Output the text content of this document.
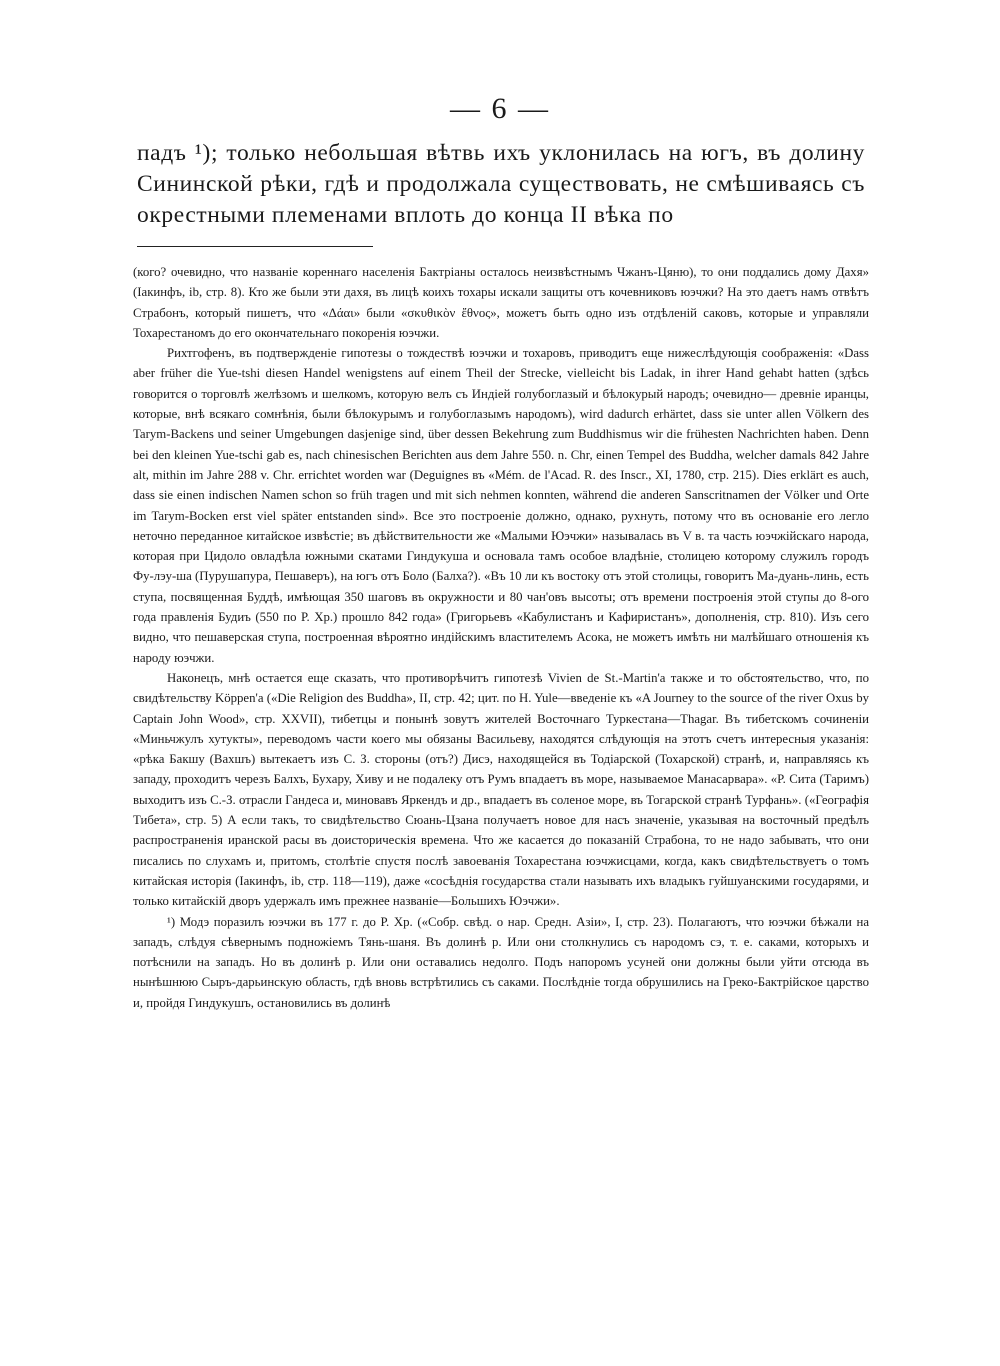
— 6 —

падъ ¹); только небольшая вѣтвь ихъ уклонилась на югъ, въ долину Сининской рѣки, гдѣ и продолжала существовать, не смѣшиваясь съ окрестными племенами вплоть до конца II вѣка по

(кого? очевидно, что названіе кореннаго населенія Бактріаны осталось неизвѣстнымъ Чжанъ-Цяню), то они поддались дому Дахя» (Іакинфъ, ib, стр. 8). Кто же были эти дахя, въ лицѣ коихъ тохары искали защиты отъ кочевниковъ юэчжи? На это даетъ намъ отвѣтъ Страбонъ, который пишетъ, что «Δάαι» были «σκυθικὸν ἔθνος», можетъ быть одно изъ отдѣленій саковъ, которые и управляли Тохарестаномъ до его окончательнаго покоренія юэчжи.

Рихтгофенъ, въ подтвержденіе гипотезы о тождествѣ юэчжи и тохаровъ, приводитъ еще нижеслѣдующія соображенія: «Dass aber früher die Yue-tshi diesen Handel wenigstens auf einem Theil der Strecke, vielleicht bis Ladak, in ihrer Hand gehabt hatten (здѣсь говорится о торговлѣ желѣзомъ и шелкомъ, которую велъ съ Индіей голубоглазый и бѣлокурый народъ; очевидно— древніе иранцы, которые, внѣ всякаго сомнѣнія, были бѣлокурымъ и голубоглазымъ народомъ), wird dadurch erhärtet, dass sie unter allen Völkern des Tarym-Backens und seiner Umgebungen dasjenige sind, über dessen Bekehrung zum Buddhismus wir die frühesten Nachrichten haben. Denn bei den kleinen Yue-tschi gab es, nach chinesischen Berichten aus dem Jahre 550. n. Chr, einen Tempel des Buddha, welcher damals 842 Jahre alt, mithin im Jahre 288 v. Chr. errichtet worden war (Deguignes въ «Mém. de l'Acad. R. des Inscr., XI, 1780, стр. 215). Dies erklärt es auch, dass sie einen indischen Namen schon so früh tragen und mit sich nehmen konnten, während die anderen Sanscritnamen der Völker und Orte im Tarym-Bocken erst viel später entstanden sind». Все это построеніе должно, однако, рухнуть, потому что въ основаніе его легло неточно переданное китайское извѣстіе; въ дѣйствительности же «Малыми Юэчжи» называлась въ V в. та часть юэчжійскаго народа, которая при Цидоло овладѣла южными скатами Гиндукуша и основала тамъ особое владѣніе, столицею которому служилъ городъ Фу-лэу-ша (Пурушапура, Пешаверъ), на югъ отъ Боло (Балха?). «Въ 10 ли къ востоку отъ этой столицы, говоритъ Ма-дуань-линь, есть ступа, посвященная Буддѣ, имѣющая 350 шаговъ въ окружности и 80 чан'овъ высоты; отъ времени построенія этой ступы до 8-ого года правленія Будиъ (550 по Р. Хр.) прошло 842 года» (Григорьевъ «Кабулистанъ и Кафиристанъ», дополненія, стр. 810). Изъ сего видно, что пешаверская ступа, построенная вѣроятно индійскимъ властителемъ Асока, не можетъ имѣть ни малѣйшаго отношенія къ народу юэчжи.

Наконецъ, мнѣ остается еще сказать, что противорѣчитъ гипотезѣ Vivien de St.-Martin'a также и то обстоятельство, что, по свидѣтельству Köppen'a («Die Religion des Buddha», II, стр. 42; цит. по H. Yule—введеніе къ «A Journey to the source of the river Oxus by Captain John Wood», стр. XXVII), тибетцы и понынѣ зовутъ жителей Восточнаго Туркестана—Thagar. Въ тибетскомъ сочиненіи «Миньчжулъ хутукты», переводомъ части коего мы обязаны Васильеву, находятся слѣдующія на этотъ счетъ интересныя указанія: «рѣка Бакшу (Вахшъ) вытекаетъ изъ С. З. стороны (отъ?) Дисэ, находящейся въ Тодіарской (Тохарской) странѣ, и, направляясь къ западу, проходитъ черезъ Балхъ, Бухару, Хиву и не подалеку отъ Румъ впадаетъ въ море, называемое Манасарвара». «Р. Сита (Таримъ) выходитъ изъ С.-З. отрасли Гандеса и, миновавъ Яркендъ и др., впадаетъ въ соленое море, въ Тогарской странѣ Турфань». («Географія Тибета», стр. 5) А если такъ, то свидѣтельство Сюань-Цзана получаетъ новое для насъ значеніе, указывая на восточный предѣлъ распространенія иранской расы въ доисторическія времена. Что же касается до показаній Страбона, то не надо забывать, что они писались по слухамъ и, притомъ, столѣтіе спустя послѣ завоеванія Тохарестана юэчжисцами, когда, какъ свидѣтельствуетъ о томъ китайская исторія (Іакинфъ, ib, стр. 118—119), даже «сосѣднія государства стали называть ихъ владыкъ гуйшуанскими государями, и только китайскій дворъ удержалъ имъ прежнее названіе—Большихъ Юэчжи».

¹) Модэ поразилъ юэчжи въ 177 г. до Р. Хр. («Собр. свѣд. о нар. Средн. Азіи», I, стр. 23). Полагаютъ, что юэчжи бѣжали на западъ, слѣдуя сѣвернымъ подножіемъ Тянь-шаня. Въ долинѣ р. Или они столкнулись съ народомъ сэ, т. е. саками, которыхъ и потѣснили на западъ. Но въ долинѣ р. Или они оставались недолго. Подъ напоромъ усуней они должны были уйти отсюда въ нынѣшнюю Сыръ-дарьинскую область, гдѣ вновь встрѣтились съ саками. Послѣдніе тогда обрушились на Греко-Бактрійское царство и, пройдя Гиндукушъ, остановились въ долинѣ
